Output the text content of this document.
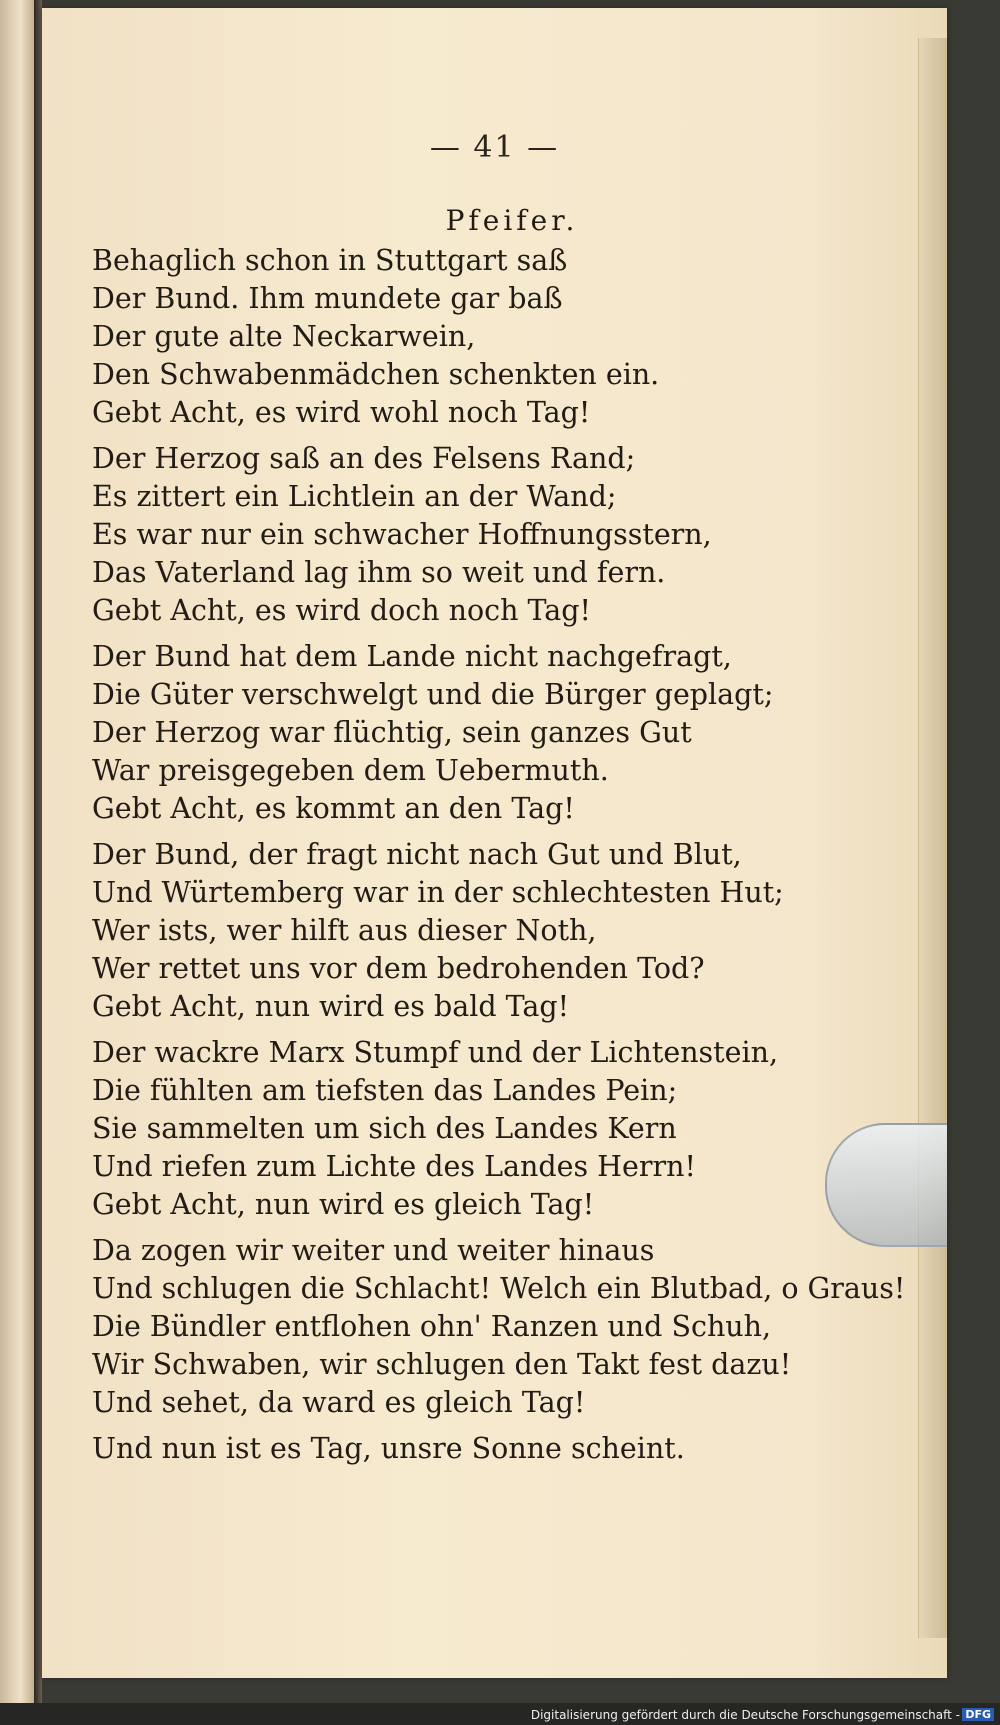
— 41 —
Pfeifer.
Behaglich schon in Stuttgart saß
Der Bund. Ihm mundete gar baß
Der gute alte Neckarwein,
Den Schwabenmädchen schenkten ein.
Gebt Acht, es wird wohl noch Tag!
Der Herzog saß an des Felsens Rand;
Es zittert ein Lichtlein an der Wand;
Es war nur ein schwacher Hoffnungsstern,
Das Vaterland lag ihm so weit und fern.
Gebt Acht, es wird doch noch Tag!
Der Bund hat dem Lande nicht nachgefragt,
Die Güter verschwelgt und die Bürger geplagt;
Der Herzog war flüchtig, sein ganzes Gut
War preisgegeben dem Uebermuth.
Gebt Acht, es kommt an den Tag!
Der Bund, der fragt nicht nach Gut und Blut,
Und Würtemberg war in der schlechtesten Hut;
Wer ists, wer hilft aus dieser Noth,
Wer rettet uns vor dem bedrohenden Tod?
Gebt Acht, nun wird es bald Tag!
Der wackre Marx Stumpf und der Lichtenstein,
Die fühlten am tiefsten das Landes Pein;
Sie sammelten um sich des Landes Kern
Und riefen zum Lichte des Landes Herrn!
Gebt Acht, nun wird es gleich Tag!
Da zogen wir weiter und weiter hinaus
Und schlugen die Schlacht! Welch ein Blutbad, o Graus!
Die Bündler entflohen ohn' Ranzen und Schuh,
Wir Schwaben, wir schlugen den Takt fest dazu!
Und sehet, da ward es gleich Tag!
Und nun ist es Tag, unsre Sonne scheint.
Digitalisierung gefördert durch die Deutsche Forschungsgemeinschaft - DFG
